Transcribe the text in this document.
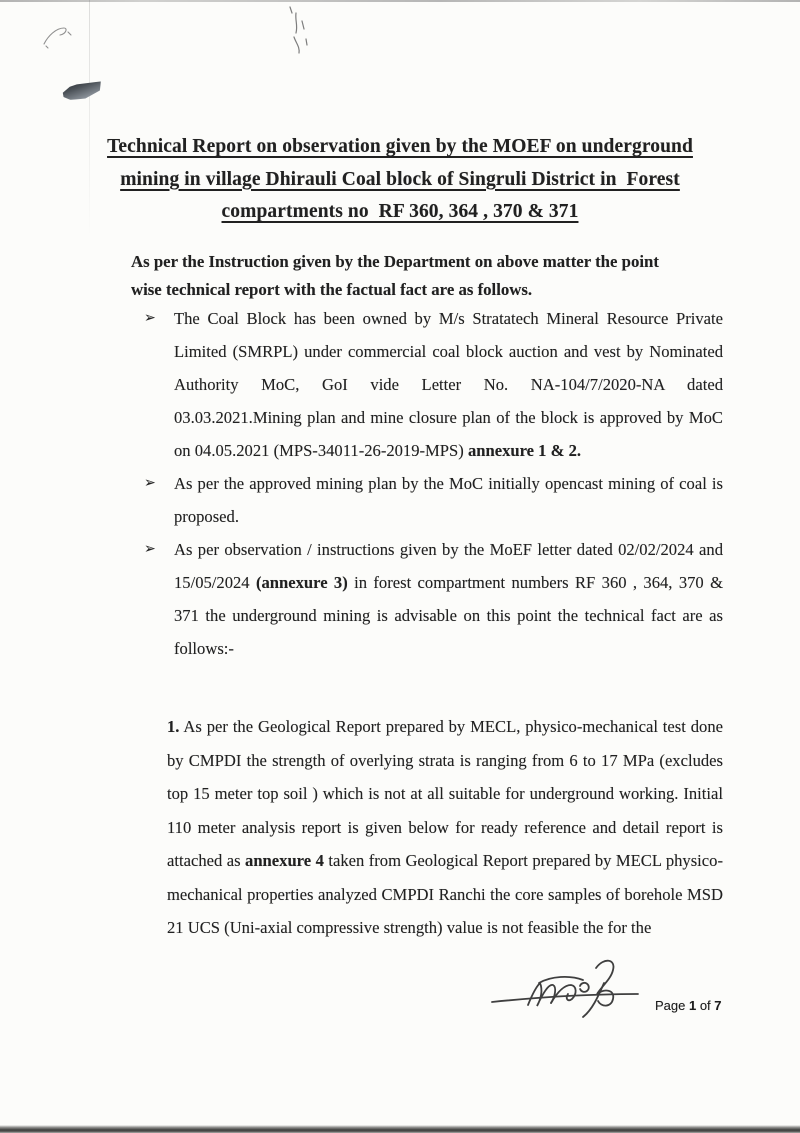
Technical Report on observation given by the MOEF on underground
mining in village Dhirauli Coal block of Singruli District in  Forest
compartments no  RF 360, 364 , 370 & 371
As per the Instruction given by the Department on above matter the point wise technical report with the factual fact are as follows.
➢ The Coal Block has been owned by M/s Stratatech Mineral Resource Private Limited (SMRPL) under commercial coal block auction and vest by Nominated Authority MoC, GoI vide Letter No. NA-104/7/2020-NA dated 03.03.2021.Mining plan and mine closure plan of the block is approved by MoC on 04.05.2021 (MPS-34011-26-2019-MPS) annexure 1 & 2.
➢ As per the approved mining plan by the MoC initially opencast mining of coal is proposed.
➢ As per observation / instructions given by the MoEF letter dated 02/02/2024 and 15/05/2024 (annexure 3) in forest compartment numbers RF 360 , 364, 370 & 371 the underground mining is advisable on this point the technical fact are as follows:-
1. As per the Geological Report prepared by MECL, physico-mechanical test done by CMPDI the strength of overlying strata is ranging from 6 to 17 MPa (excludes top 15 meter top soil ) which is not at all suitable for underground working. Initial 110 meter analysis report is given below for ready reference and detail report is attached as annexure 4 taken from Geological Report prepared by MECL physico-mechanical properties analyzed CMPDI Ranchi the core samples of borehole MSD 21 UCS (Uni-axial compressive strength) value is not feasible the for the
Page 1 of 7
